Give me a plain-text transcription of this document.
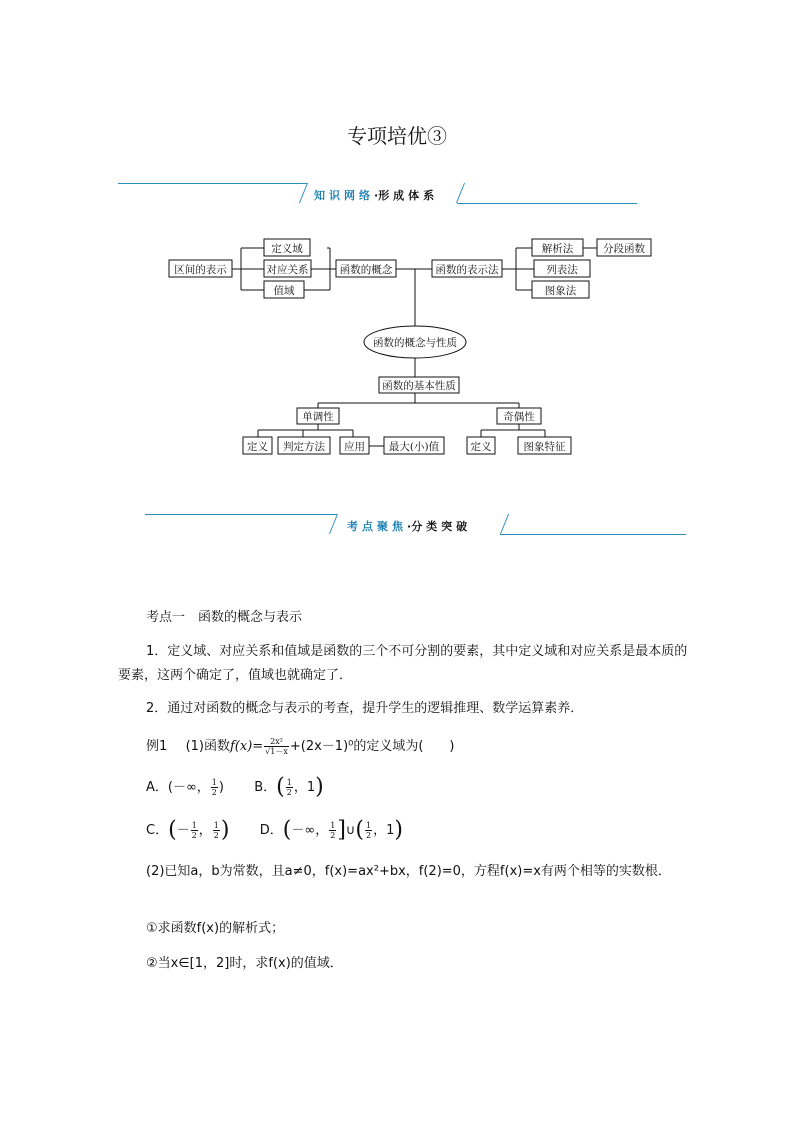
专项培优③
知识网络·形成体系
定义域
对应关系
值域
区间的表示	函数的概念	函数的表示法
解析法	分段函数
列表法
图象法
函数的概念与性质
函数的基本性质
单调性	奇偶性
定义 判定方法 应用 最大(小)值	定义	图象特征
考点聚焦·分类突破
考点一　函数的概念与表示
1．定义域、对应关系和值域是函数的三个不可分割的要素，其中定义域和对应关系是最本质的要素，这两个确定了，值域也就确定了．
2．通过对函数的概念与表示的考查，提升学生的逻辑推理、数学运算素养．
例1 (1)函数$f(x)= \frac{\text{2x²}}{√1-x} +(2x-1)^0$的定义域为(　　)
A．(－∞， $\frac{1}{2}$ ) B．( $\frac{1}{2}$ ，1)
C．(－ $\frac{1}{2}$ ， $\frac{1}{2}$ ) D．(－∞， $\frac{1}{2}$ ]∪( $\frac{1}{2}$ ，1)
(2)已知a，b为常数，且a≠0，f(x)=ax²+bx，f(2)=0，方程f(x)=x有两个相等的实数根．
①求函数f(x)的解析式；
②当x∈[1，2]时，求f(x)的值域．
